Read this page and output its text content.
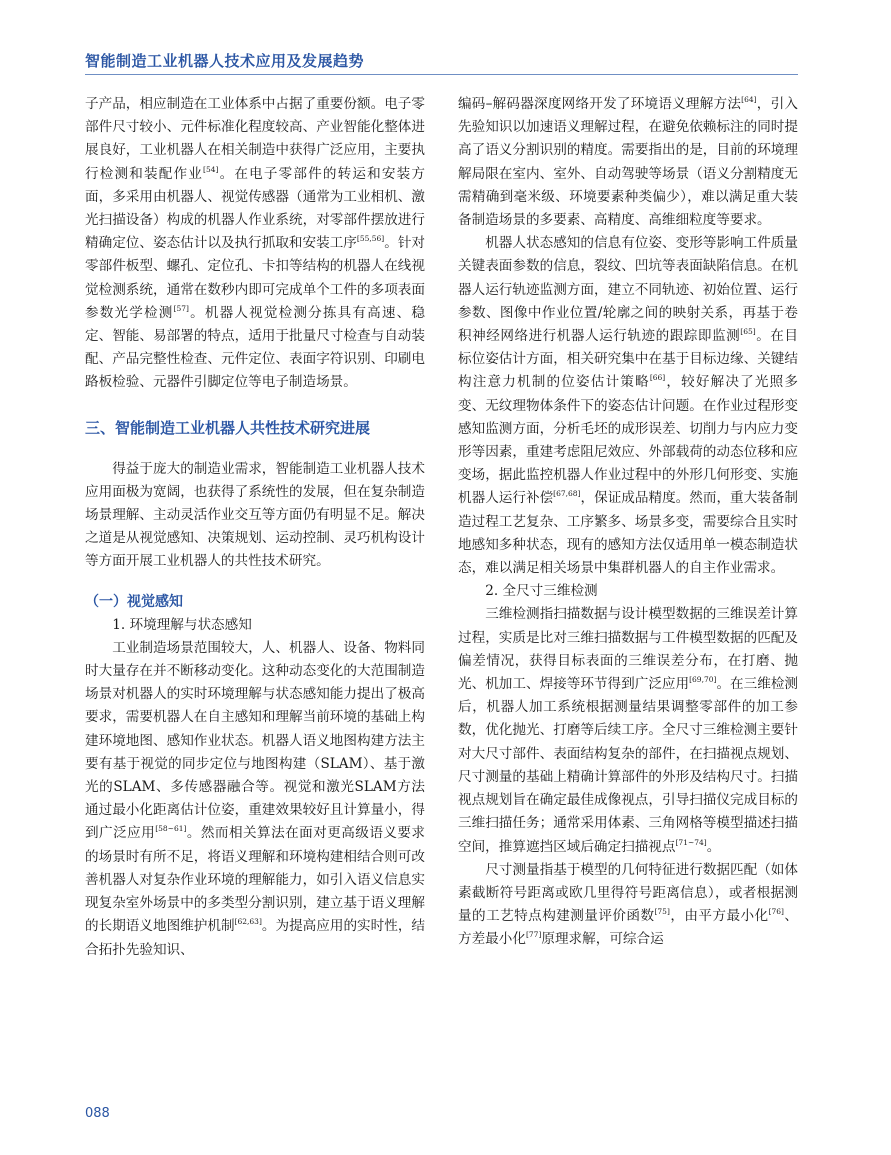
智能制造工业机器人技术应用及发展趋势

子产品，相应制造在工业体系中占据了重要份额。电子零部件尺寸较小、元件标准化程度较高、产业智能化整体进展良好，工业机器人在相关制造中获得广泛应用，主要执行检测和装配作业[54]。在电子零部件的转运和安装方面，多采用由机器人、视觉传感器（通常为工业相机、激光扫描设备）构成的机器人作业系统，对零部件摆放进行精确定位、姿态估计以及执行抓取和安装工序[55,56]。针对零部件板型、螺孔、定位孔、卡扣等结构的机器人在线视觉检测系统，通常在数秒内即可完成单个工件的多项表面参数光学检测[57]。机器人视觉检测分拣具有高速、稳定、智能、易部署的特点，适用于批量尺寸检查与自动装配、产品完整性检查、元件定位、表面字符识别、印刷电路板检验、元器件引脚定位等电子制造场景。

三、智能制造工业机器人共性技术研究进展

得益于庞大的制造业需求，智能制造工业机器人技术应用面极为宽阔，也获得了系统性的发展，但在复杂制造场景理解、主动灵活作业交互等方面仍有明显不足。解决之道是从视觉感知、决策规划、运动控制、灵巧机构设计等方面开展工业机器人的共性技术研究。

（一）视觉感知
1. 环境理解与状态感知

工业制造场景范围较大，人、机器人、设备、物料同时大量存在并不断移动变化。这种动态变化的大范围制造场景对机器人的实时环境理解与状态感知能力提出了极高要求，需要机器人在自主感知和理解当前环境的基础上构建环境地图、感知作业状态。机器人语义地图构建方法主要有基于视觉的同步定位与地图构建（SLAM）、基于激光的SLAM、多传感器融合等。视觉和激光SLAM方法通过最小化距离估计位姿，重建效果较好且计算量小，得到广泛应用[58~61]。然而相关算法在面对更高级语义要求的场景时有所不足，将语义理解和环境构建相结合则可改善机器人对复杂作业环境的理解能力，如引入语义信息实现复杂室外场景中的多类型分割识别，建立基于语义理解的长期语义地图维护机制[62,63]。为提高应用的实时性，结合拓扑先验知识、

编码–解码器深度网络开发了环境语义理解方法[64]，引入先验知识以加速语义理解过程，在避免依赖标注的同时提高了语义分割识别的精度。需要指出的是，目前的环境理解局限在室内、室外、自动驾驶等场景（语义分割精度无需精确到毫米级、环境要素种类偏少），难以满足重大装备制造场景的多要素、高精度、高维细粒度等要求。

机器人状态感知的信息有位姿、变形等影响工件质量关键表面参数的信息，裂纹、凹坑等表面缺陷信息。在机器人运行轨迹监测方面，建立不同轨迹、初始位置、运行参数、图像中作业位置/轮廓之间的映射关系，再基于卷积神经网络进行机器人运行轨迹的跟踪即监测[65]。在目标位姿估计方面，相关研究集中在基于目标边缘、关键结构注意力机制的位姿估计策略[66]，较好解决了光照多变、无纹理物体条件下的姿态估计问题。在作业过程形变感知监测方面，分析毛坯的成形误差、切削力与内应力变形等因素，重建考虑阻尼效应、外部载荷的动态位移和应变场，据此监控机器人作业过程中的外形几何形变、实施机器人运行补偿[67,68]，保证成品精度。然而，重大装备制造过程工艺复杂、工序繁多、场景多变，需要综合且实时地感知多种状态，现有的感知方法仅适用单一模态制造状态，难以满足相关场景中集群机器人的自主作业需求。

2. 全尺寸三维检测

三维检测指扫描数据与设计模型数据的三维误差计算过程，实质是比对三维扫描数据与工件模型数据的匹配及偏差情况，获得目标表面的三维误差分布，在打磨、抛光、机加工、焊接等环节得到广泛应用[69,70]。在三维检测后，机器人加工系统根据测量结果调整零部件的加工参数，优化抛光、打磨等后续工序。全尺寸三维检测主要针对大尺寸部件、表面结构复杂的部件，在扫描视点规划、尺寸测量的基础上精确计算部件的外形及结构尺寸。扫描视点规划旨在确定最佳成像视点，引导扫描仪完成目标的三维扫描任务；通常采用体素、三角网格等模型描述扫描空间，推算遮挡区域后确定扫描视点[71~74]。

尺寸测量指基于模型的几何特征进行数据匹配（如体素截断符号距离或欧几里得符号距离信息），或者根据测量的工艺特点构建测量评价函数[75]，由平方最小化[76]、方差最小化[77]原理求解，可综合运

088
